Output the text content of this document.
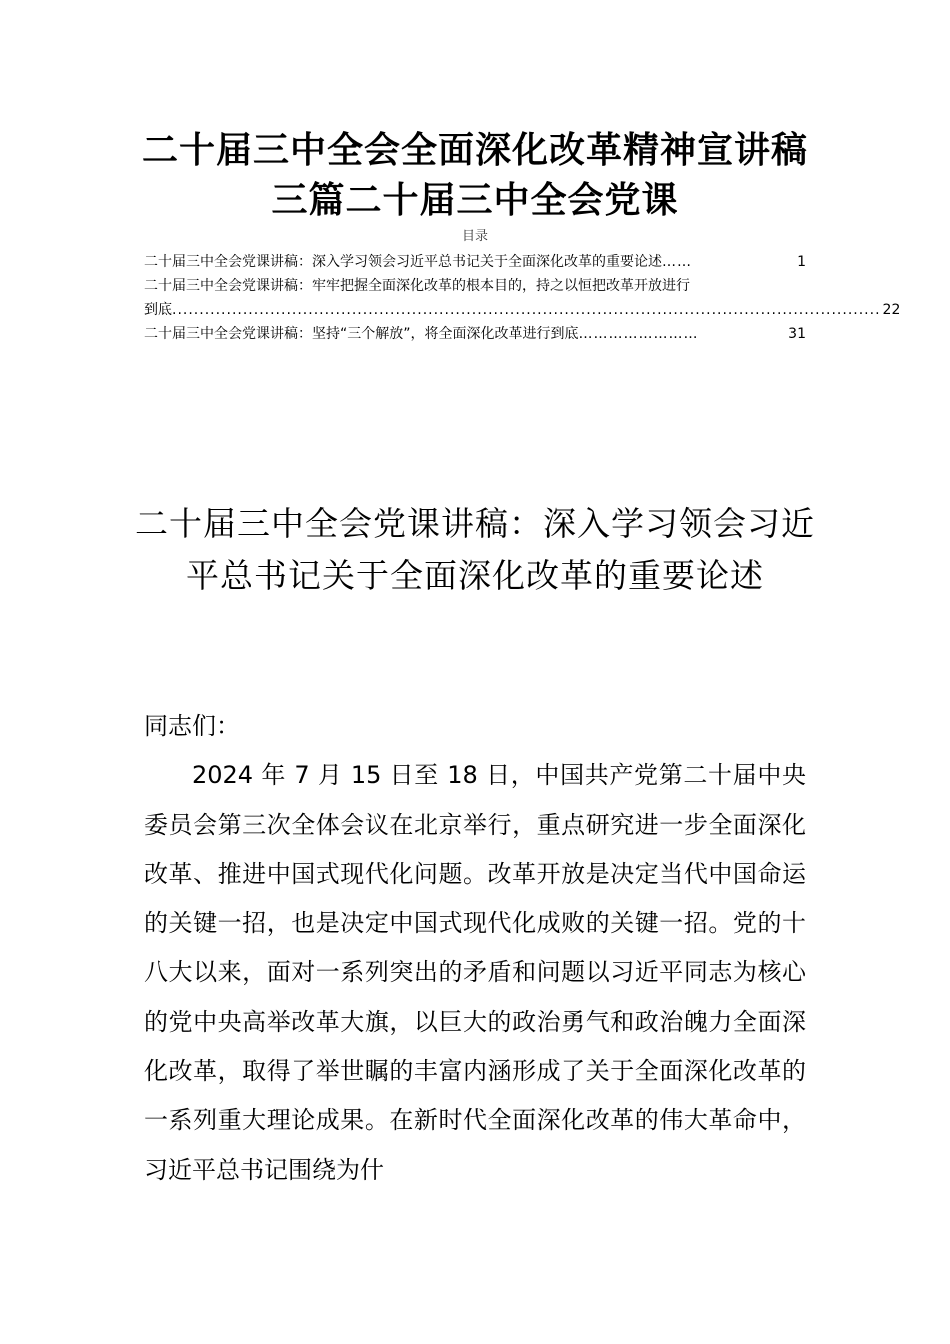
二十届三中全会全面深化改革精神宣讲稿
三篇二十届三中全会党课
目录
二十届三中全会党课讲稿：深入学习领会习近平总书记关于全面深化改革的重要论述 ……	1
二十届三中全会党课讲稿：牢牢把握全面深化改革的根本目的，持之以恒把改革开放进行
到底 .................................................................................................................................. 22
二十届三中全会党课讲稿：坚持“三个解放”，将全面深化改革进行到底 ……………………	31
二十届三中全会党课讲稿：深入学习领会习近平总书记关于全面深化改革的重要论述

同志们：

2024 年 7 月 15 日至 18 日，中国共产党第二十届中央委员会第三次全体会议在北京举行，重点研究进一步全面深化改革、推进中国式现代化问题。改革开放是决定当代中国命运的关键一招，也是决定中国式现代化成败的关键一招。党的十八大以来，面对一系列突出的矛盾和问题以习近平同志为核心的党中央高举改革大旗，以巨大的政治勇气和政治魄力全面深化改革，取得了举世瞩的丰富内涵形成了关于全面深化改革的一系列重大理论成果。在新时代全面深化改革的伟大革命中，习近平总书记围绕为什
